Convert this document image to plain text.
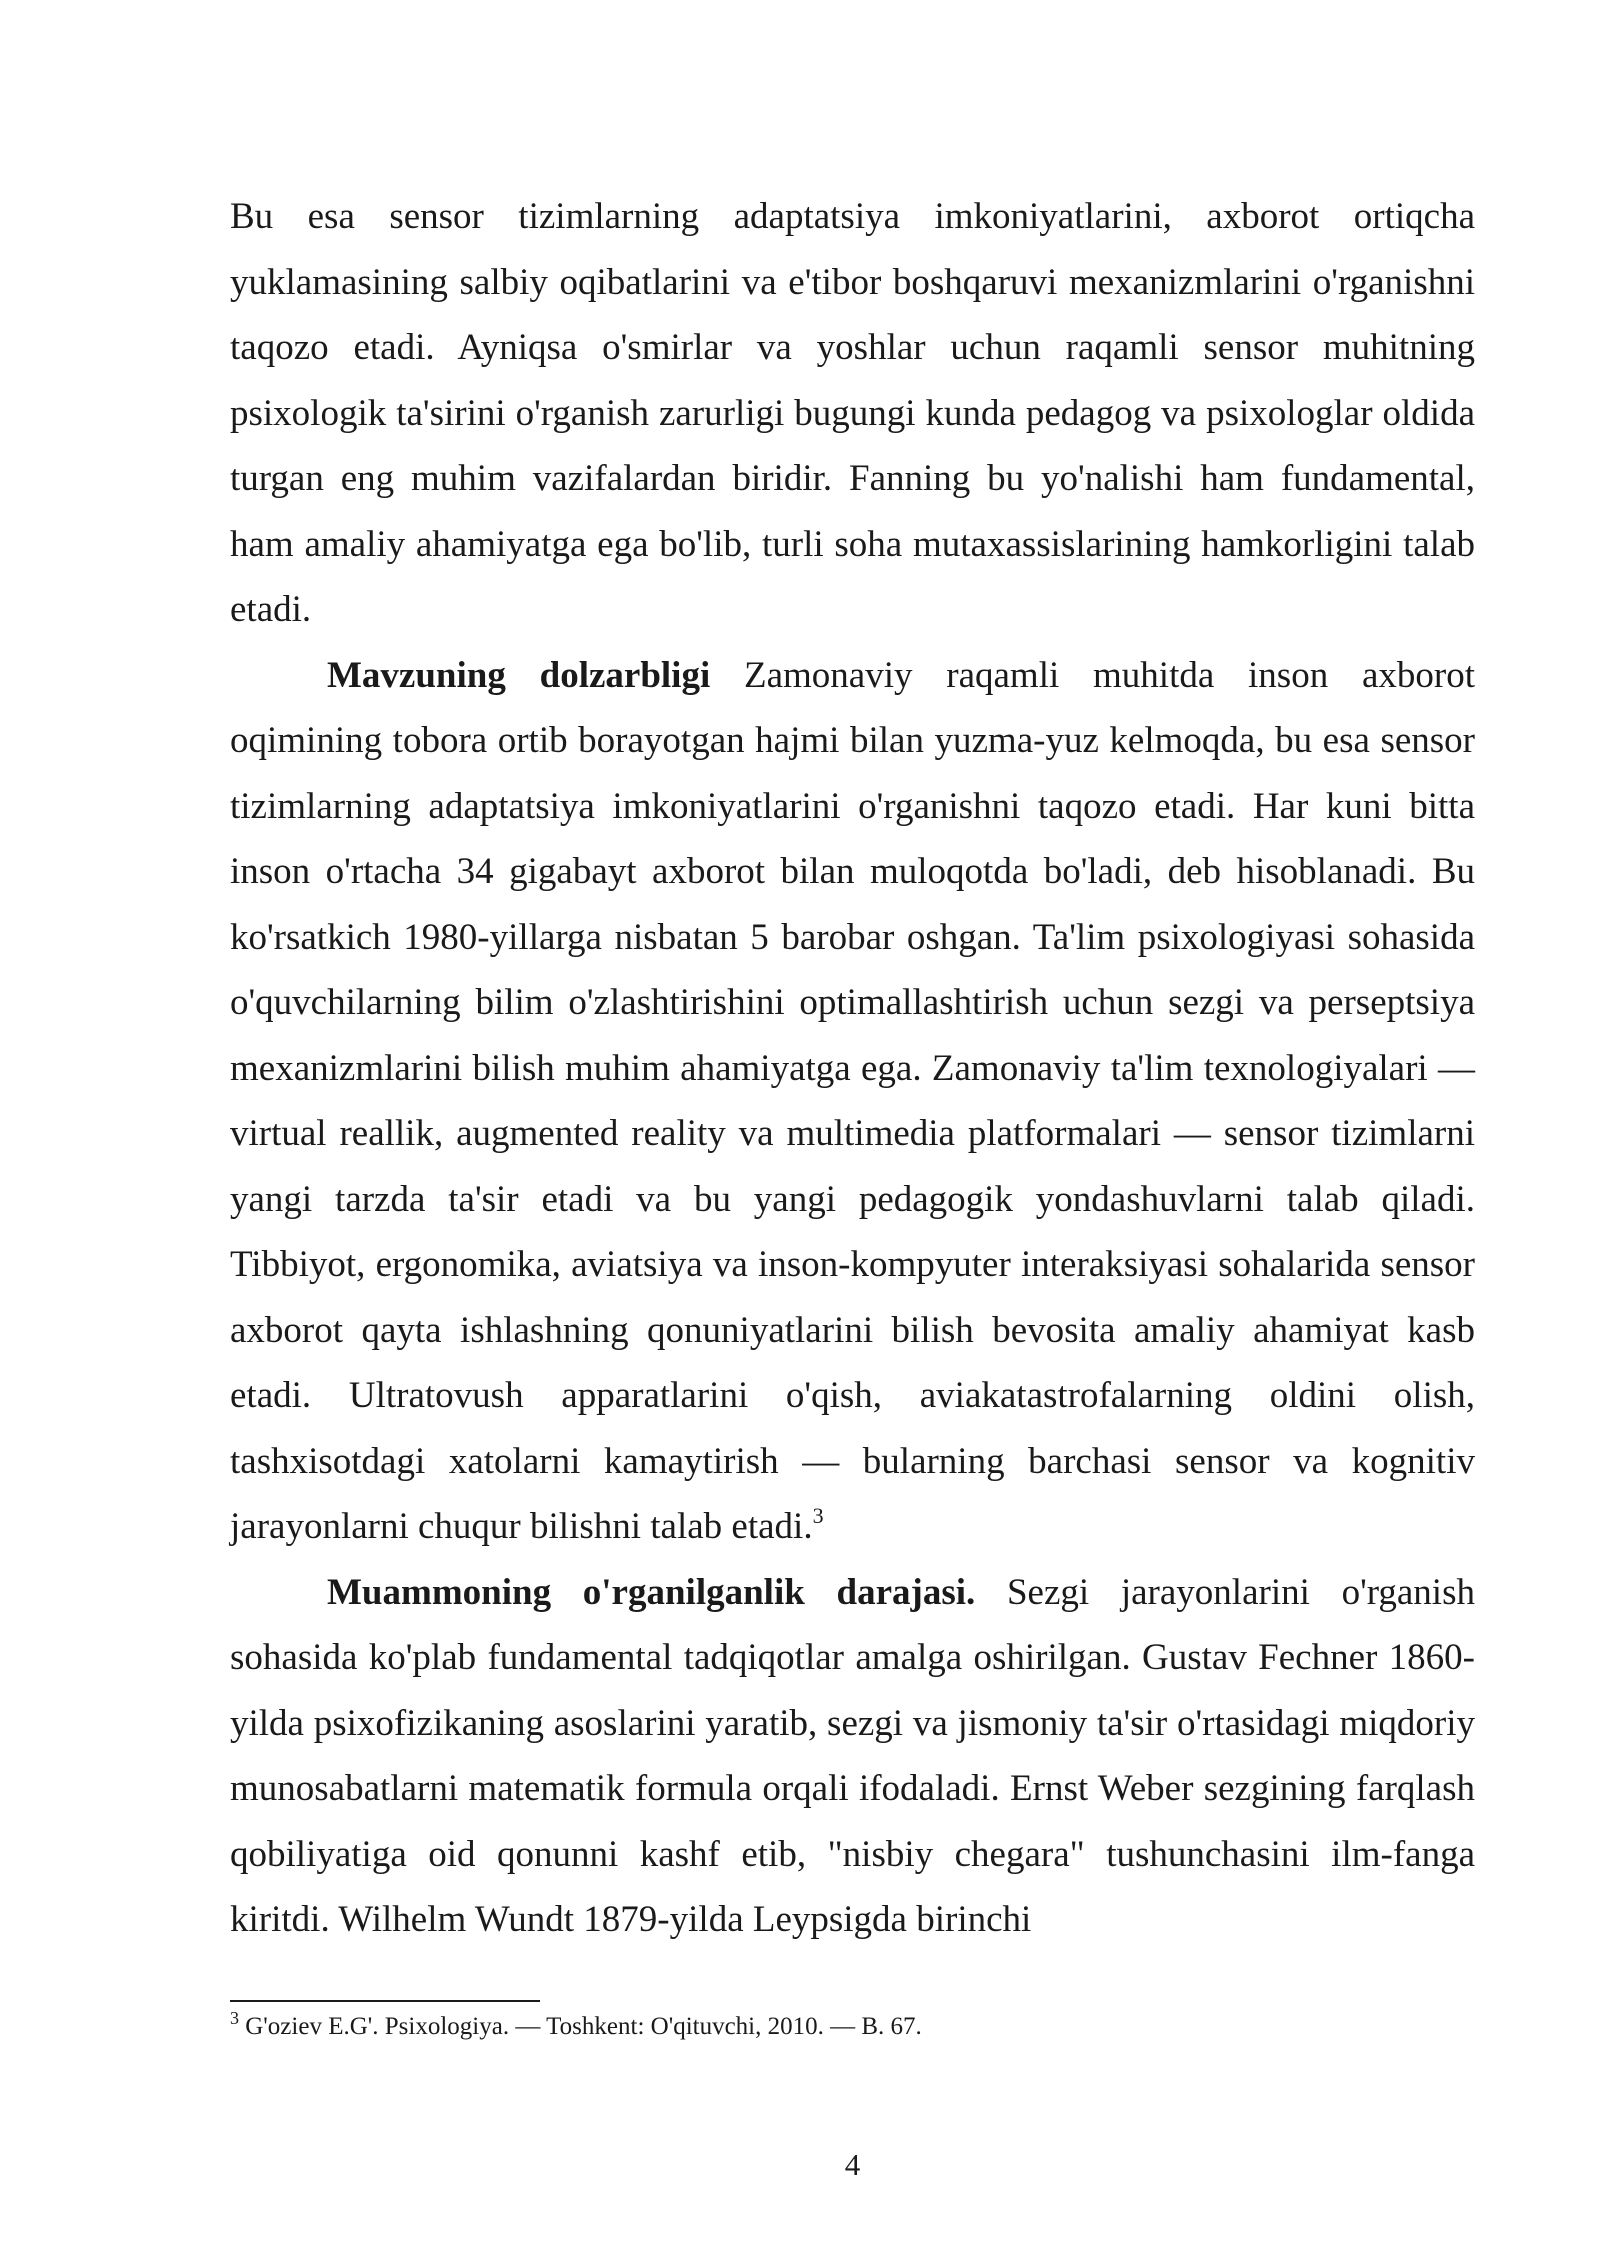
Bu esa sensor tizimlarning adaptatsiya imkoniyatlarini, axborot ortiqcha yuklamasining salbiy oqibatlarini va e'tibor boshqaruvi mexanizmlarini o'rganishni taqozo etadi. Ayniqsa o'smirlar va yoshlar uchun raqamli sensor muhitning psixologik ta'sirini o'rganish zarurligi bugungi kunda pedagog va psixologlar oldida turgan eng muhim vazifalardan biridir. Fanning bu yo'nalishi ham fundamental, ham amaliy ahamiyatga ega bo'lib, turli soha mutaxassislarining hamkorligini talab etadi.

Mavzuning dolzarbligi Zamonaviy raqamli muhitda inson axborot oqimining tobora ortib borayotgan hajmi bilan yuzma-yuz kelmoqda, bu esa sensor tizimlarning adaptatsiya imkoniyatlarini o'rganishni taqozo etadi. Har kuni bitta inson o'rtacha 34 gigabayt axborot bilan muloqotda bo'ladi, deb hisoblanadi. Bu ko'rsatkich 1980-yillarga nisbatan 5 barobar oshgan. Ta'lim psixologiyasi sohasida o'quvchilarning bilim o'zlashtirishini optimallashtirish uchun sezgi va perseptsiya mexanizmlarini bilish muhim ahamiyatga ega. Zamonaviy ta'lim texnologiyalari — virtual reallik, augmented reality va multimedia platformalari — sensor tizimlarni yangi tarzda ta'sir etadi va bu yangi pedagogik yondashuvlarni talab qiladi. Tibbiyot, ergonomika, aviatsiya va inson-kompyuter interaksiyasi sohalarida sensor axborot qayta ishlashning qonuniyatlarini bilish bevosita amaliy ahamiyat kasb etadi. Ultratovush apparatlarini o'qish, aviakatastrofalarning oldini olish, tashxisotdagi xatolarni kamaytirish — bularning barchasi sensor va kognitiv jarayonlarni chuqur bilishni talab etadi.$^3$

Muammoning o'rganilganlik darajasi. Sezgi jarayonlarini o'rganish sohasida ko'plab fundamental tadqiqotlar amalga oshirilgan. Gustav Fechner 1860-yilda psixofizikaning asoslarini yaratib, sezgi va jismoniy ta'sir o'rtasidagi miqdoriy munosabatlarni matematik formula orqali ifodaladi. Ernst Weber sezgining farqlash qobiliyatiga oid qonunni kashf etib, "nisbiy chegara" tushunchasini ilm-fanga kiritdi. Wilhelm Wundt 1879-yilda Leypsigda birinchi

$^3$ G'oziev E.G'. Psixologiya. — Toshkent: O'qituvchi, 2010. — B. 67.

4
